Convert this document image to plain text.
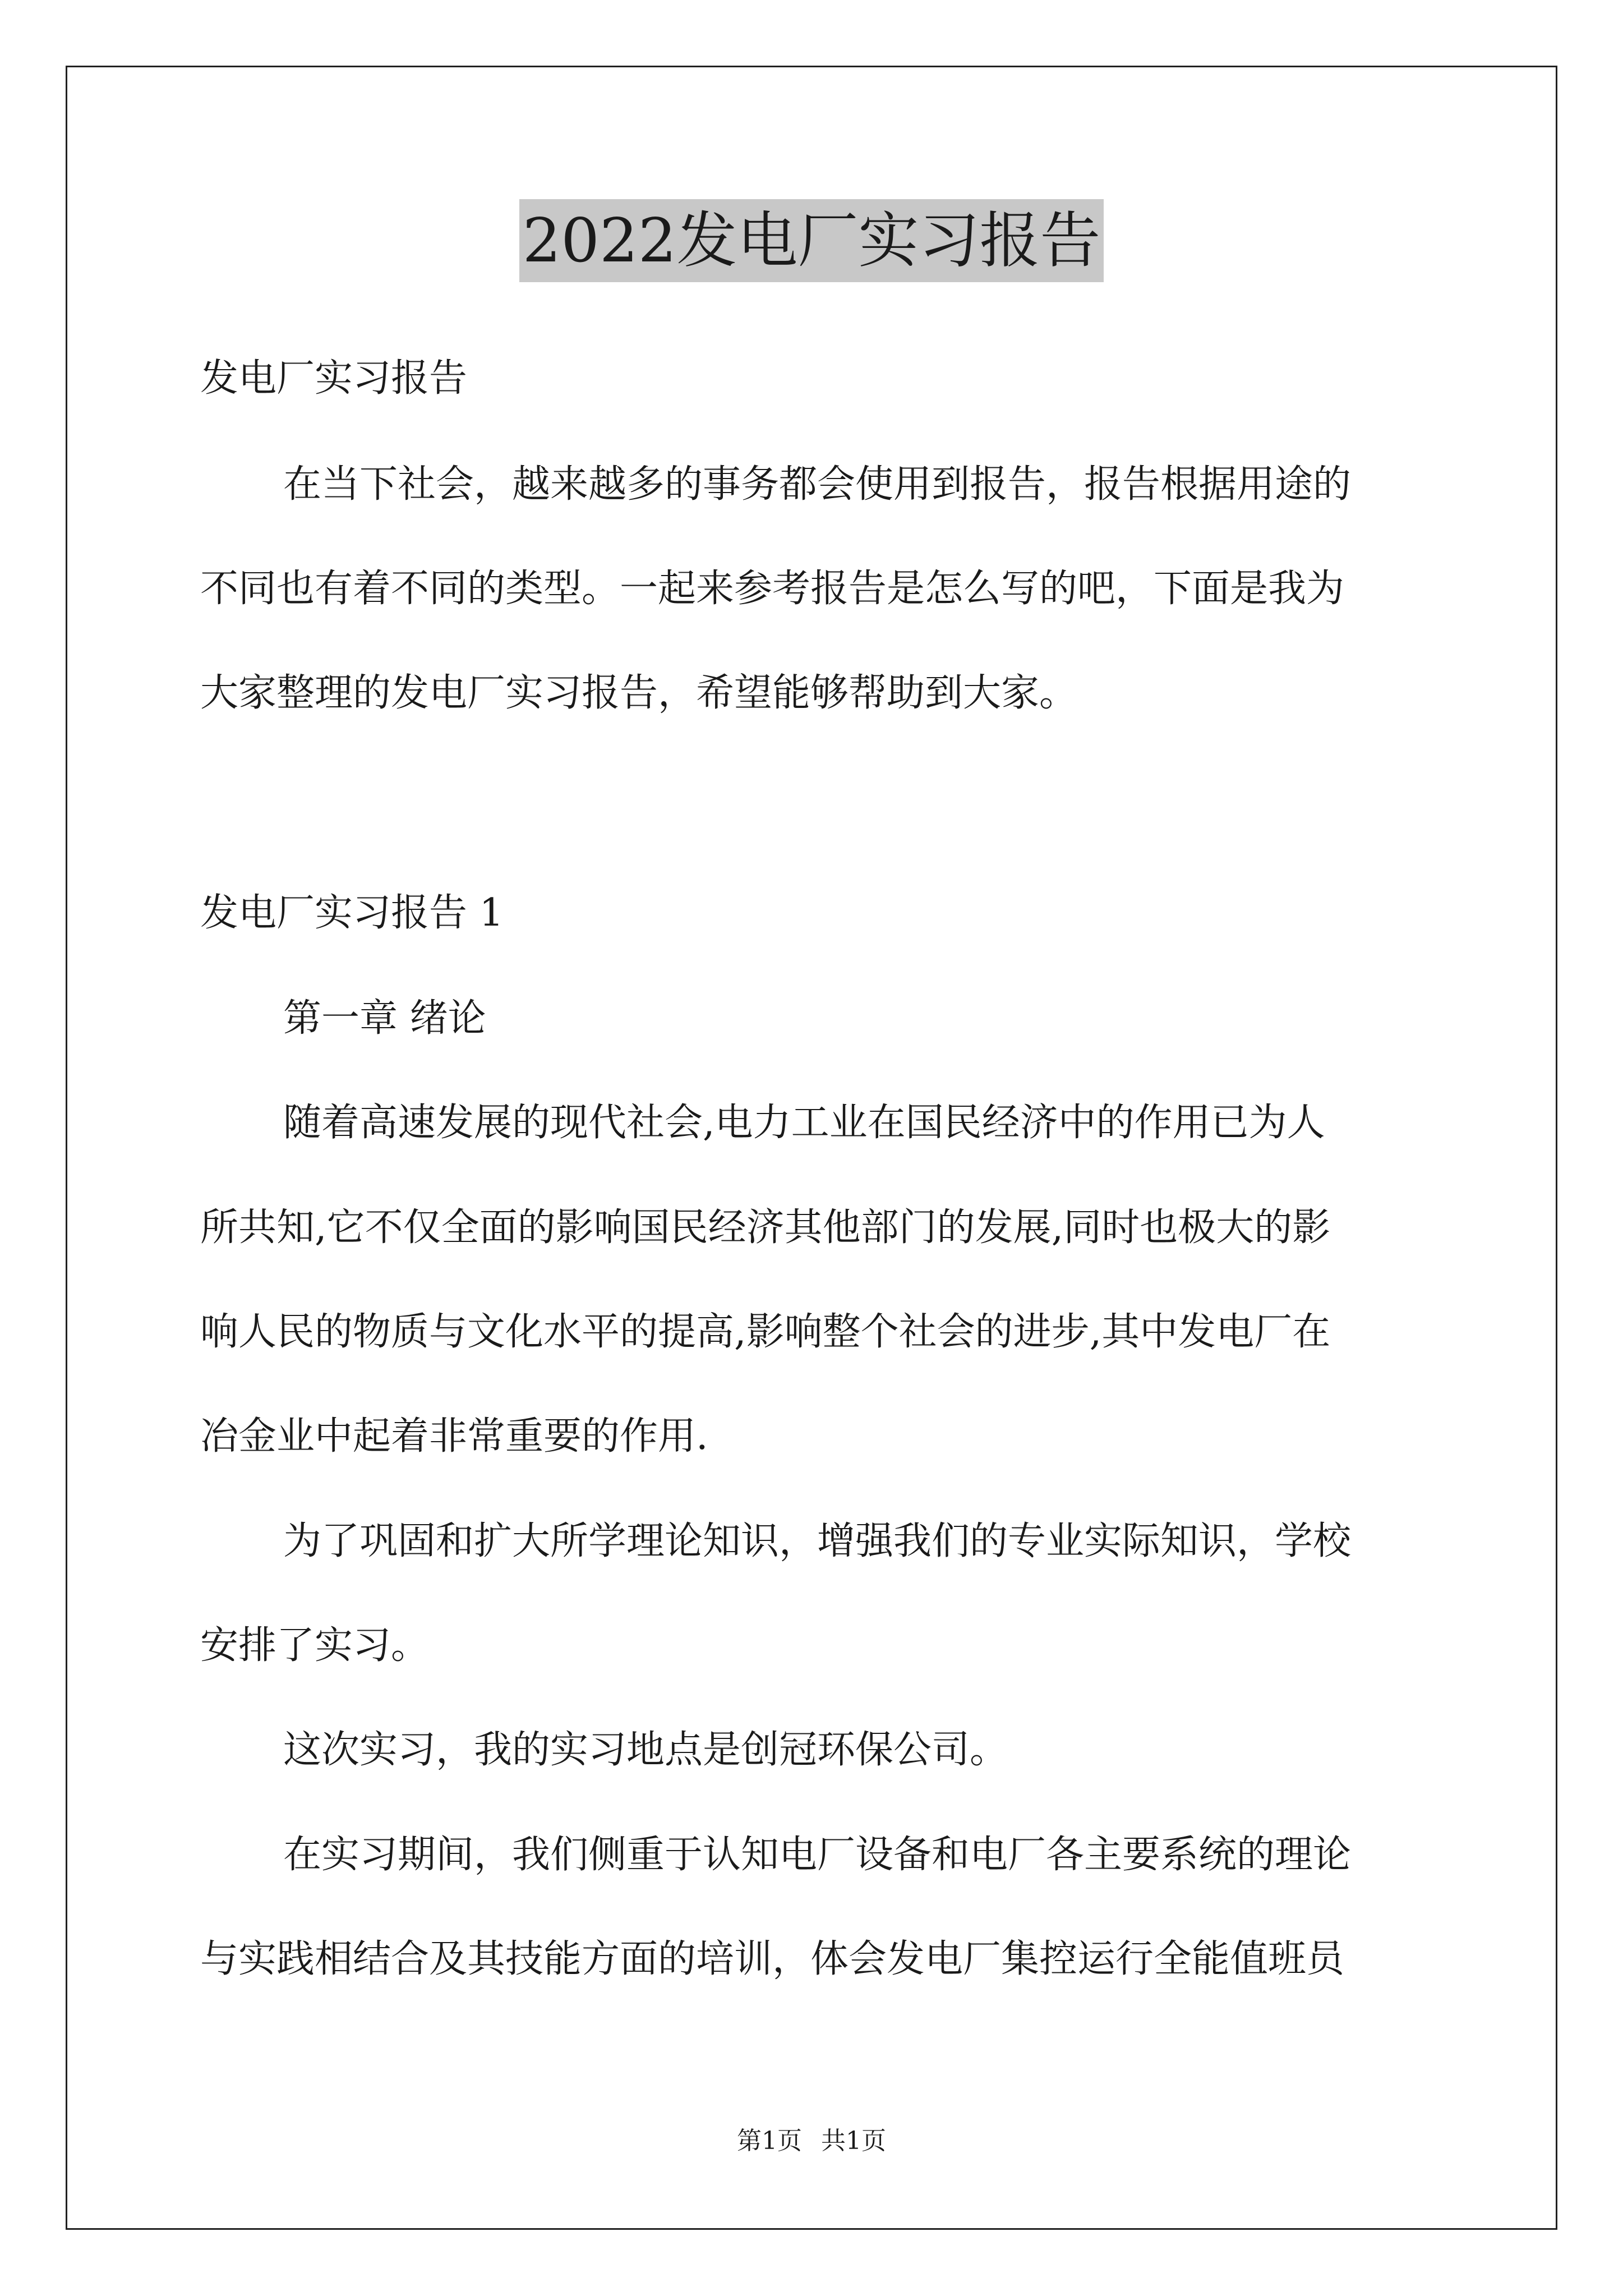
2022发电厂实习报告
发电厂实习报告
在当下社会，越来越多的事务都会使用到报告，报告根据用途的
不同也有着不同的类型。一起来参考报告是怎么写的吧，下面是我为
大家整理的发电厂实习报告，希望能够帮助到大家。
发电厂实习报告 1
第一章 绪论
随着高速发展的现代社会,电力工业在国民经济中的作用已为人
所共知,它不仅全面的影响国民经济其他部门的发展,同时也极大的影
响人民的物质与文化水平的提高,影响整个社会的进步,其中发电厂在
冶金业中起着非常重要的作用.
为了巩固和扩大所学理论知识，增强我们的专业实际知识，学校
安排了实习。
这次实习，我的实习地点是创冠环保公司。
在实习期间，我们侧重于认知电厂设备和电厂各主要系统的理论
与实践相结合及其技能方面的培训，体会发电厂集控运行全能值班员
第1页 共1页
